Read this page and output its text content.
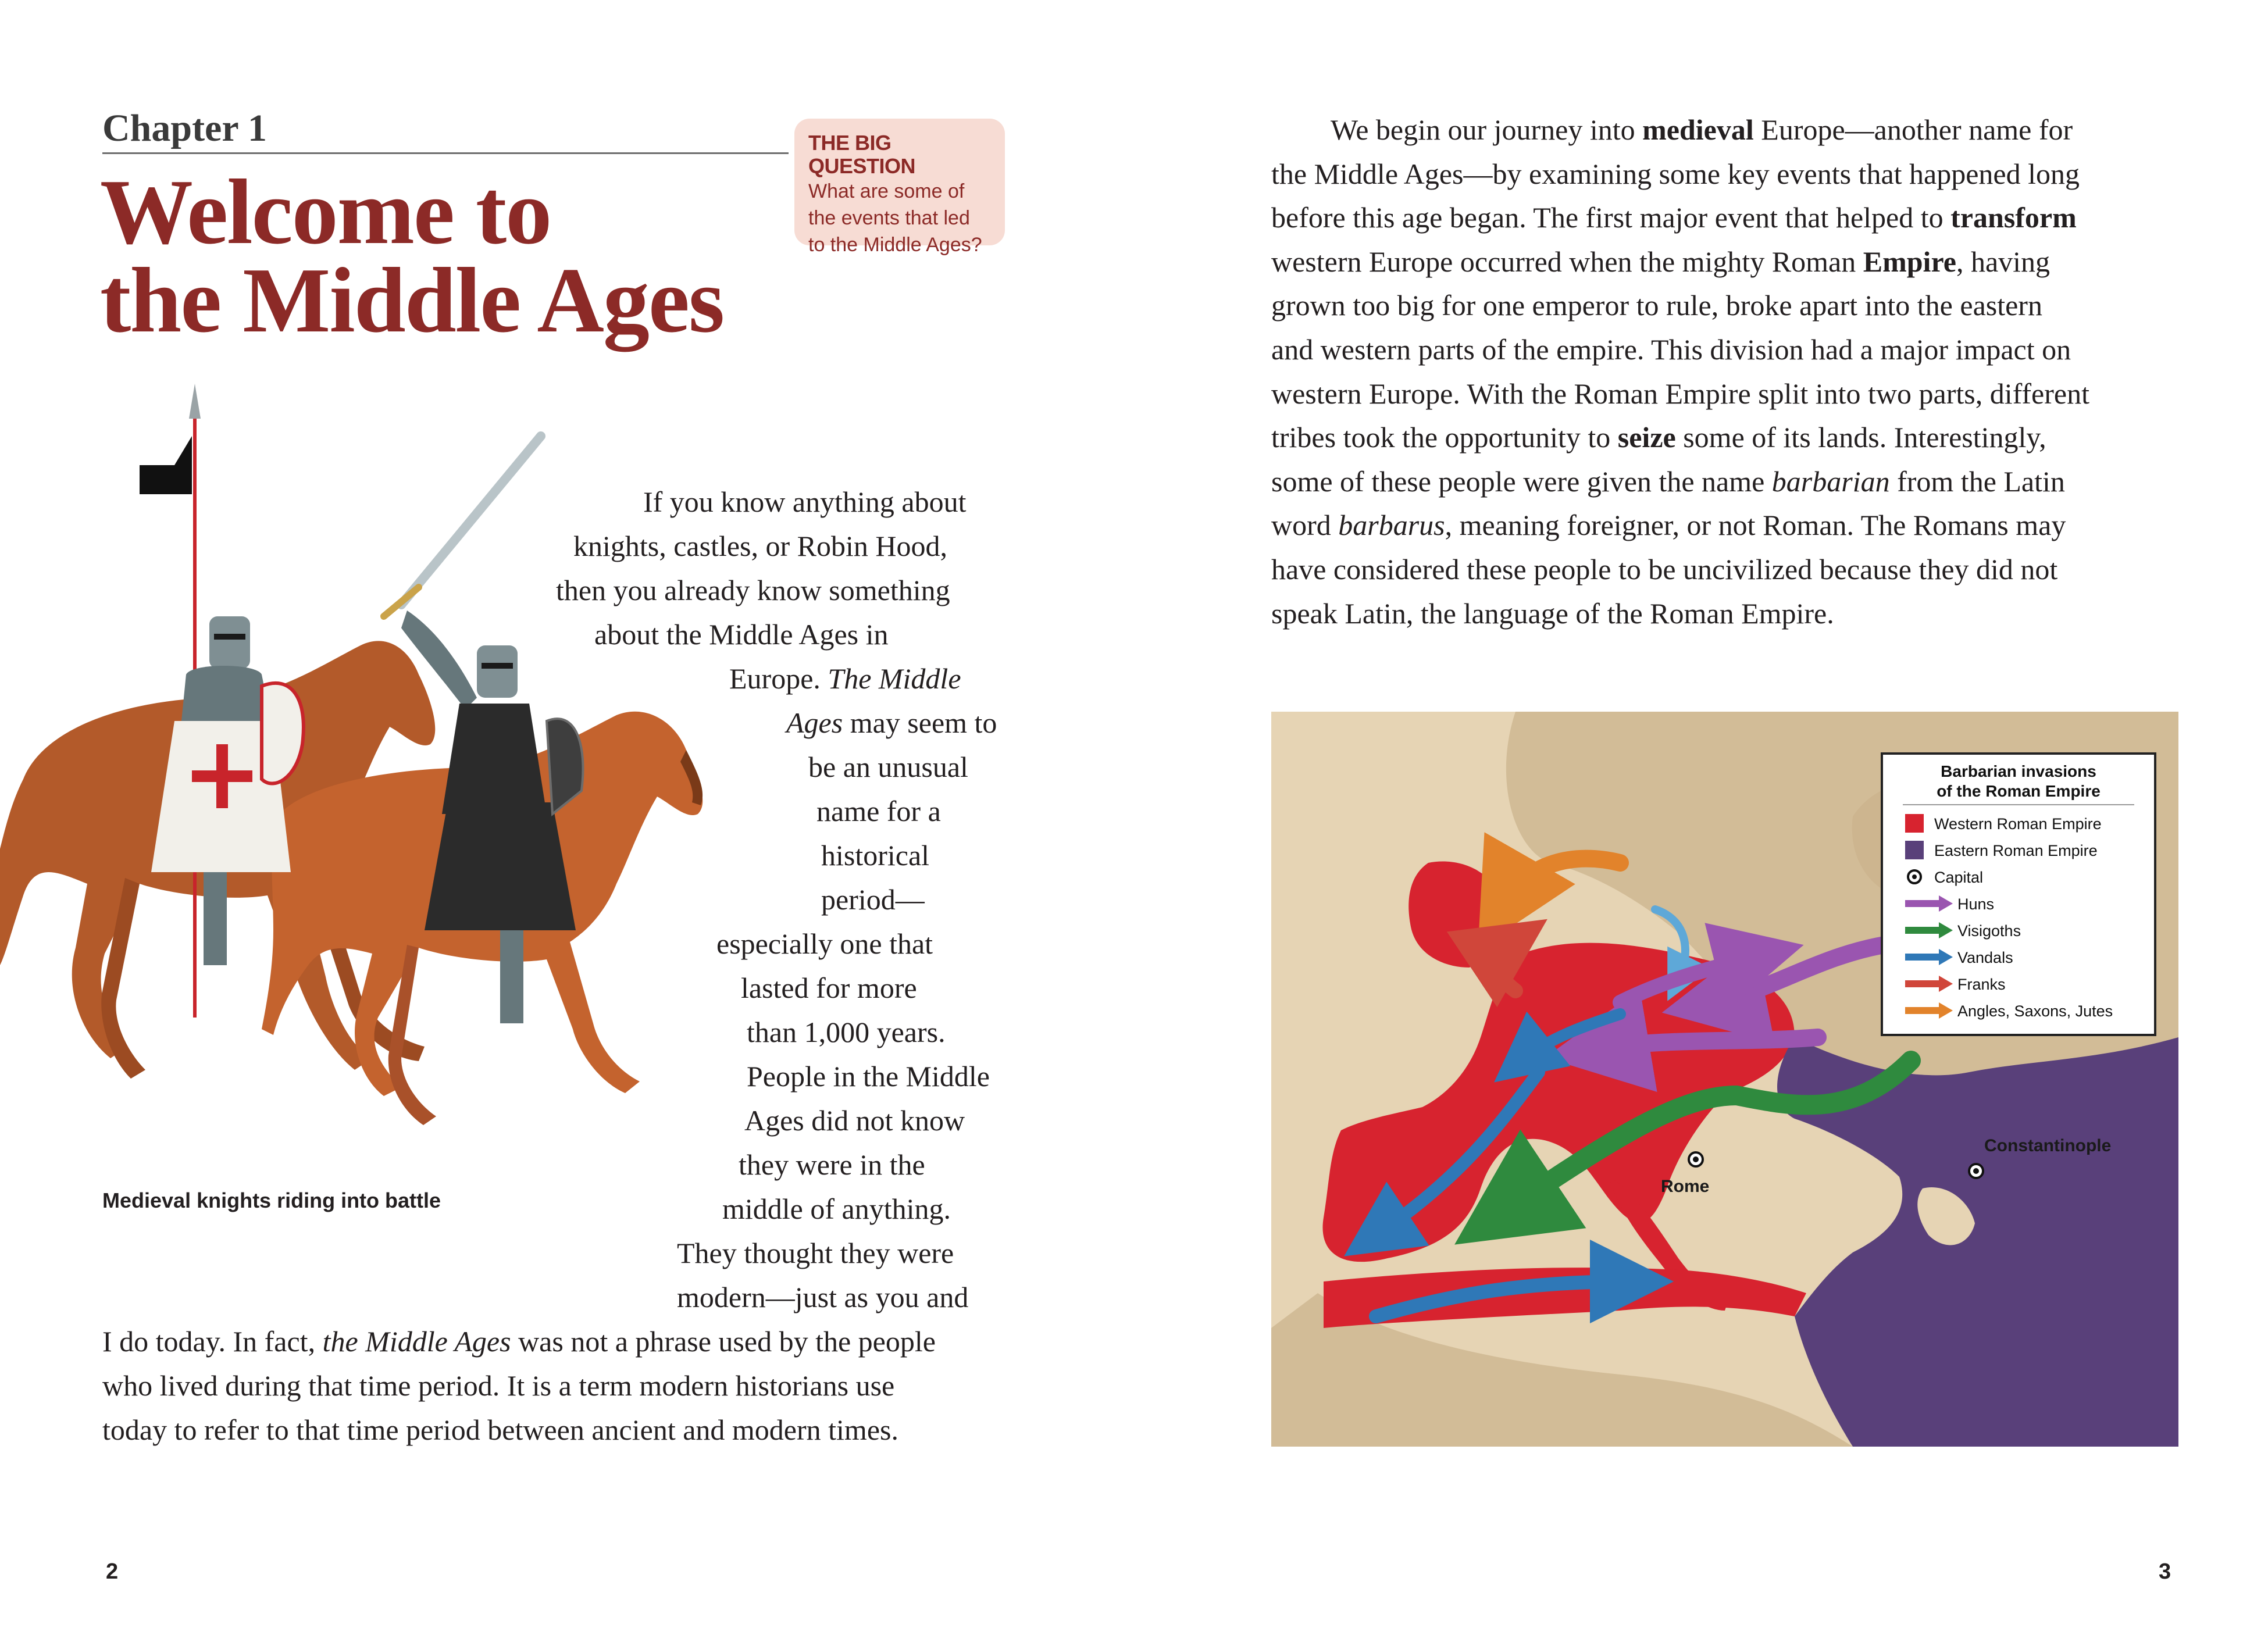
Chapter 1
Welcome to
the Middle Ages
THE BIG QUESTION
What are some of
the events that led
to the Middle Ages?
Medieval knights riding into battle
If you know anything about
knights, castles, or Robin Hood,
then you already know something
about the Middle Ages in
Europe. The Middle
Ages may seem to
be an unusual
name for a
historical
period—
especially one that
lasted for more
than 1,000 years.
People in the Middle
Ages did not know
they were in the
middle of anything.
They thought they were
modern—just as you and
I do today. In fact, the Middle Ages was not a phrase used by the people
who lived during that time period. It is a term modern historians use
today to refer to that time period between ancient and modern times.
2
We begin our journey into medieval Europe—another name for
the Middle Ages—by examining some key events that happened long
before this age began. The first major event that helped to transform
western Europe occurred when the mighty Roman Empire, having
grown too big for one emperor to rule, broke apart into the eastern
and western parts of the empire. This division had a major impact on
western Europe. With the Roman Empire split into two parts, different
tribes took the opportunity to seize some of its lands. Interestingly,
some of these people were given the name barbarian from the Latin
word barbarus, meaning foreigner, or not Roman. The Romans may
have considered these people to be uncivilized because they did not
speak Latin, the language of the Roman Empire.
Rome
Constantinople
Barbarian invasions
of the Roman Empire
Western Roman Empire
Eastern Roman Empire
Capital
Huns
Visigoths
Vandals
Franks
Angles, Saxons, Jutes
3
